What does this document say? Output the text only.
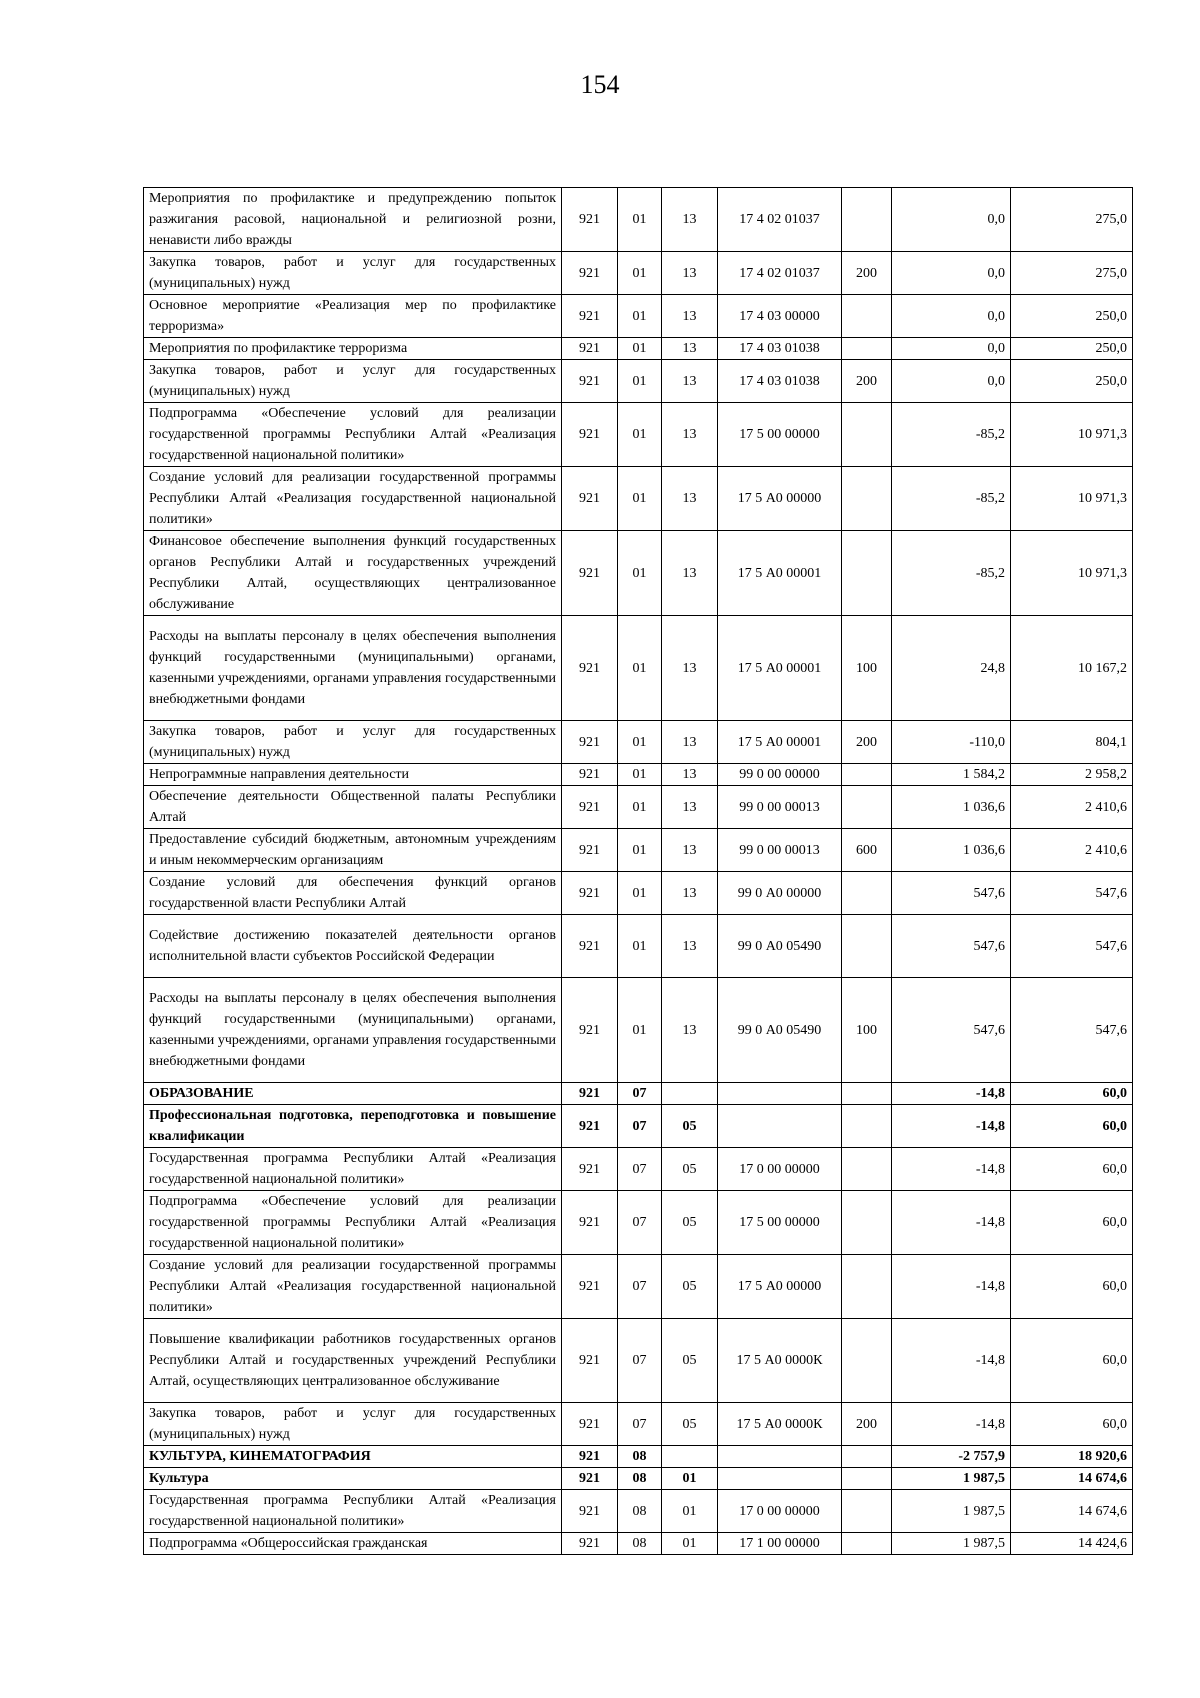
154
Мероприятия по профилактике и предупреждению попыток разжигания расовой, национальной и религиозной розни, ненависти либо вражды	921	01	13	17 4 02 01037		0,0	275,0
Закупка товаров, работ и услуг для государственных (муниципальных) нужд	921	01	13	17 4 02 01037	200	0,0	275,0
Основное мероприятие «Реализация мер по профилактике терроризма»	921	01	13	17 4 03 00000		0,0	250,0
Мероприятия по профилактике терроризма	921	01	13	17 4 03 01038		0,0	250,0
Закупка товаров, работ и услуг для государственных (муниципальных) нужд	921	01	13	17 4 03 01038	200	0,0	250,0
Подпрограмма «Обеспечение условий для реализации государственной программы Республики Алтай «Реализация государственной национальной политики»	921	01	13	17 5 00 00000		-85,2	10 971,3
Создание условий для реализации государственной программы Республики Алтай «Реализация государственной национальной политики»	921	01	13	17 5 А0 00000		-85,2	10 971,3
Финансовое обеспечение выполнения функций государственных органов Республики Алтай и государственных учреждений Республики Алтай, осуществляющих централизованное обслуживание	921	01	13	17 5 А0 00001		-85,2	10 971,3
Расходы на выплаты персоналу в целях обеспечения выполнения функций государственными (муниципальными) органами, казенными учреждениями, органами управления государственными внебюджетными фондами	921	01	13	17 5 А0 00001	100	24,8	10 167,2
Закупка товаров, работ и услуг для государственных (муниципальных) нужд	921	01	13	17 5 А0 00001	200	-110,0	804,1
Непрограммные направления деятельности	921	01	13	99 0 00 00000		1 584,2	2 958,2
Обеспечение деятельности Общественной палаты Республики Алтай	921	01	13	99 0 00 00013		1 036,6	2 410,6
Предоставление субсидий бюджетным, автономным учреждениям и иным некоммерческим организациям	921	01	13	99 0 00 00013	600	1 036,6	2 410,6
Создание условий для обеспечения функций органов государственной власти Республики Алтай	921	01	13	99 0 А0 00000		547,6	547,6
Содействие достижению показателей деятельности органов исполнительной власти субъектов Российской Федерации	921	01	13	99 0 А0 05490		547,6	547,6
Расходы на выплаты персоналу в целях обеспечения выполнения функций государственными (муниципальными) органами, казенными учреждениями, органами управления государственными внебюджетными фондами	921	01	13	99 0 А0 05490	100	547,6	547,6
ОБРАЗОВАНИЕ	921	07				-14,8	60,0
Профессиональная подготовка, переподготовка и повышение квалификации	921	07	05			-14,8	60,0
Государственная программа Республики Алтай «Реализация государственной национальной политики»	921	07	05	17 0 00 00000		-14,8	60,0
Подпрограмма «Обеспечение условий для реализации государственной программы Республики Алтай «Реализация государственной национальной политики»	921	07	05	17 5 00 00000		-14,8	60,0
Создание условий для реализации государственной программы Республики Алтай «Реализация государственной национальной политики»	921	07	05	17 5 А0 00000		-14,8	60,0
Повышение квалификации работников государственных органов Республики Алтай и государственных учреждений Республики Алтай, осуществляющих централизованное обслуживание	921	07	05	17 5 А0 0000К		-14,8	60,0
Закупка товаров, работ и услуг для государственных (муниципальных) нужд	921	07	05	17 5 А0 0000К	200	-14,8	60,0
КУЛЬТУРА, КИНЕМАТОГРАФИЯ	921	08				-2 757,9	18 920,6
Культура	921	08	01			1 987,5	14 674,6
Государственная программа Республики Алтай «Реализация государственной национальной политики»	921	08	01	17 0 00 00000		1 987,5	14 674,6
Подпрограмма «Общероссийская гражданская	921	08	01	17 1 00 00000		1 987,5	14 424,6
